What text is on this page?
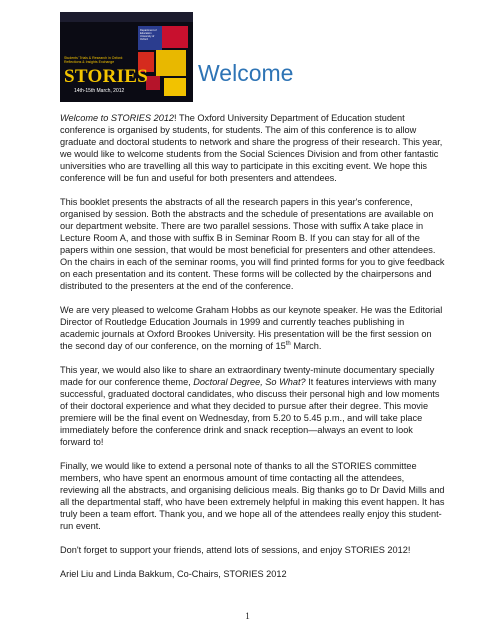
Department of Education University of Oxford
Students' Trials & Research in Oxford: Reflections & Insights Exchange
STORIES
14th-15th March, 2012
Welcome

Welcome to STORIES 2012! The Oxford University Department of Education student conference is organised by students, for students. The aim of this conference is to allow graduate and doctoral students to network and share the progress of their research. This year, we would like to welcome students from the Social Sciences Division and from other fantastic universities who are travelling all this way to participate in this exciting event. We hope this conference will be fun and useful for both presenters and attendees.

This booklet presents the abstracts of all the research papers in this year's conference, organised by session. Both the abstracts and the schedule of presentations are available on our department website. There are two parallel sessions. Those with suffix A take place in Lecture Room A, and those with suffix B in Seminar Room B. If you can stay for all of the papers within one session, that would be most beneficial for presenters and other attendees. On the chairs in each of the seminar rooms, you will find printed forms for you to give feedback on each presentation and its content. These forms will be collected by the chairpersons and distributed to the presenters at the end of the conference.

We are very pleased to welcome Graham Hobbs as our keynote speaker. He was the Editorial Director of Routledge Education Journals in 1999 and currently teaches publishing in academic journals at Oxford Brookes University. His presentation will be the first session on the second day of our conference, on the morning of 15th March.

This year, we would also like to share an extraordinary twenty-minute documentary specially made for our conference theme, Doctoral Degree, So What? It features interviews with many successful, graduated doctoral candidates, who discuss their personal high and low moments of their doctoral experience and what they decided to pursue after their degree. This movie premiere will be the final event on Wednesday, from 5.20 to 5.45 p.m., and will take place immediately before the conference drink and snack reception—always an event to look forward to!

Finally, we would like to extend a personal note of thanks to all the STORIES committee members, who have spent an enormous amount of time contacting all the attendees, reviewing all the abstracts, and organising delicious meals. Big thanks go to Dr David Mills and all the departmental staff, who have been extremely helpful in making this event happen. It has truly been a team effort. Thank you, and we hope all of the attendees really enjoy this student-run event.

Don't forget to support your friends, attend lots of sessions, and enjoy STORIES 2012!

Ariel Liu and Linda Bakkum, Co-Chairs, STORIES 2012

1
